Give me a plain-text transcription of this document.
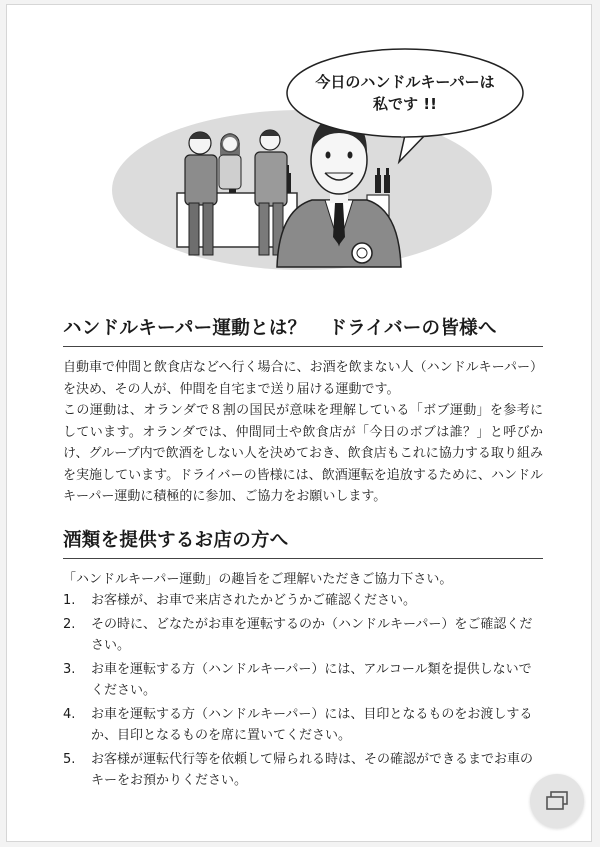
今日のハンドルキーパーは
私です !!
ハンドルキーパー運動とは？ ドライバーの皆様へ

自動車で仲間と飲食店などへ行く場合に、お酒を飲まない人（ハンドルキーパー）を決め、その人が、仲間を自宅まで送り届ける運動です。

この運動は、オランダで８割の国民が意味を理解している「ボブ運動」を参考にしています。オランダでは、仲間同士や飲食店が「今日のボブは誰？」と呼びかけ、グループ内で飲酒をしない人を決めておき、飲食店もこれに協力する取り組みを実施しています。ドライバーの皆様には、飲酒運転を追放するために、ハンドルキーパー運動に積極的に参加、ご協力をお願いします。

酒類を提供するお店の方へ

「ハンドルキーパー運動」の趣旨をご理解いただきご協力下さい。

1.	お客様が、お車で来店されたかどうかご確認ください。
2.	その時に、どなたがお車を運転するのか（ハンドルキーパー）をご確認ください。
3.	お車を運転する方（ハンドルキーパー）には、アルコール類を提供しないでください。
4.	お車を運転する方（ハンドルキーパー）には、目印となるものをお渡しするか、目印となるものを席に置いてください。
5.	お客様が運転代行等を依頼して帰られる時は、その確認ができるまでお車のキーをお預かりください。
